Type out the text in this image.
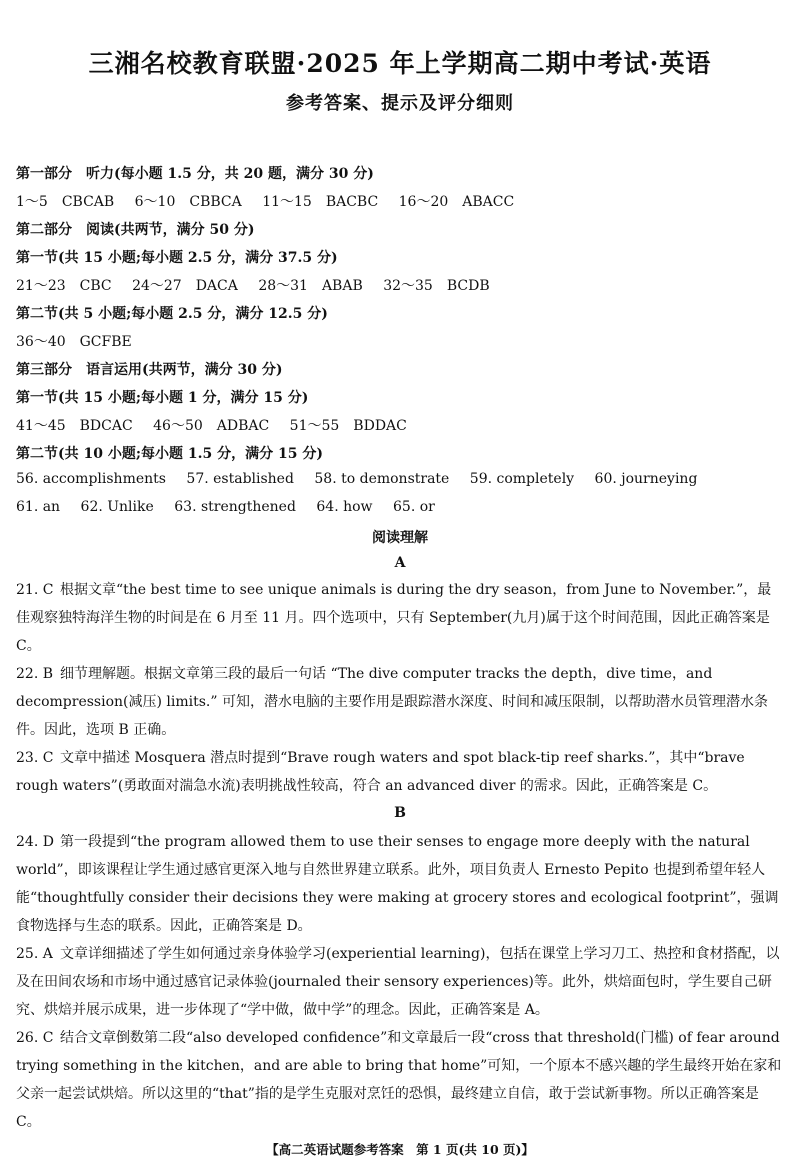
三湘名校教育联盟·2025 年上学期高二期中考试·英语
参考答案、提示及评分细则
第一部分　听力(每小题 1.5 分，共 20 题，满分 30 分)
1～5　CBCAB 6～10　CBBCA 11～15　BACBC 16～20　ABACC
第二部分　阅读(共两节，满分 50 分)
第一节(共 15 小题;每小题 2.5 分，满分 37.5 分)
21～23　CBC 24～27　DACA 28～31　ABAB 32～35　BCDB
第二节(共 5 小题;每小题 2.5 分，满分 12.5 分)
36～40　GCFBE
第三部分　语言运用(共两节，满分 30 分)
第一节(共 15 小题;每小题 1 分，满分 15 分)
41～45　BDCAC 46～50　ADBAC 51～55　BDDAC
第二节(共 10 小题;每小题 1.5 分，满分 15 分)
56. accomplishments 57. established 58. to demonstrate 59. completely 60. journeying
61. an 62. Unlike 63. strengthened 64. how 65. or
阅读理解
A
21. C 根据文章“the best time to see unique animals is during the dry season，from June to November.”，最佳观察独特海洋生物的时间是在 6 月至 11 月。四个选项中，只有 September(九月)属于这个时间范围，因此正确答案是 C。
22. B 细节理解题。根据文章第三段的最后一句话 “The dive computer tracks the depth，dive time，and decompression(减压) limits.” 可知，潜水电脑的主要作用是跟踪潜水深度、时间和减压限制，以帮助潜水员管理潜水条件。因此，选项 B 正确。
23. C 文章中描述 Mosquera 潜点时提到“Brave rough waters and spot black-tip reef sharks.”，其中“brave rough waters”(勇敢面对湍急水流)表明挑战性较高，符合 an advanced diver 的需求。因此，正确答案是 C。
B
24. D 第一段提到“the program allowed them to use their senses to engage more deeply with the natural world”，即该课程让学生通过感官更深入地与自然世界建立联系。此外，项目负责人 Ernesto Pepito 也提到希望年轻人能“thoughtfully consider their decisions they were making at grocery stores and ecological footprint”，强调食物选择与生态的联系。因此，正确答案是 D。
25. A 文章详细描述了学生如何通过亲身体验学习(experiential learning)，包括在课堂上学习刀工、热控和食材搭配，以及在田间农场和市场中通过感官记录体验(journaled their sensory experiences)等。此外，烘焙面包时，学生要自己研究、烘焙并展示成果，进一步体现了“学中做，做中学”的理念。因此，正确答案是 A。
26. C 结合文章倒数第二段“also developed confidence”和文章最后一段“cross that threshold(门槛) of fear around trying something in the kitchen，and are able to bring that home”可知，一个原本不感兴趣的学生最终开始在家和父亲一起尝试烘焙。所以这里的“that”指的是学生克服对烹饪的恐惧，最终建立自信，敢于尝试新事物。所以正确答案是 C。
【高二英语试题参考答案　第 1 页(共 10 页)】
